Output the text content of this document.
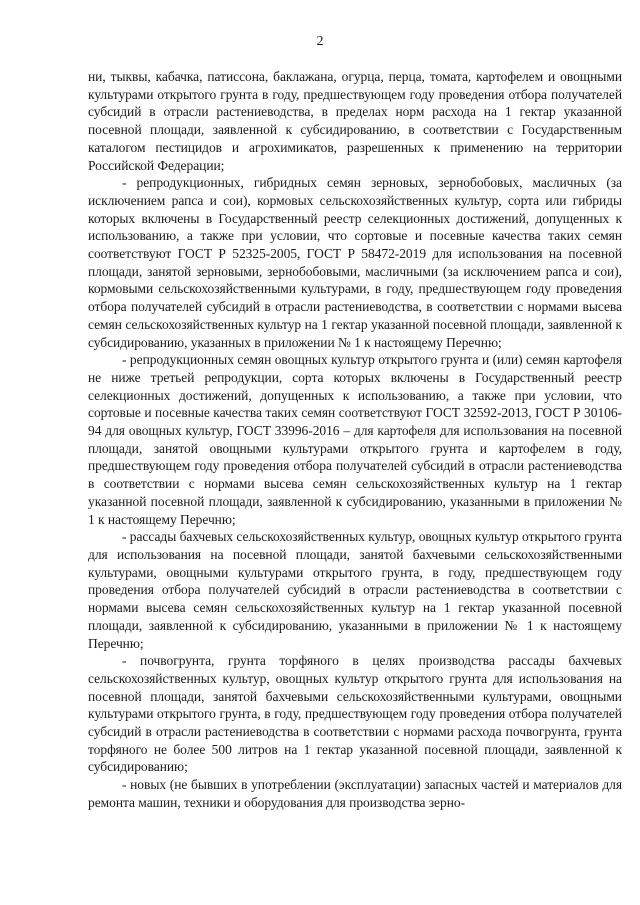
2

ни, тыквы, кабачка, патиссона, баклажана, огурца, перца, томата, картофелем и овощными культурами открытого грунта в году, предшествующем году проведения отбора получателей субсидий в отрасли растениеводства, в пределах норм расхода на 1 гектар указанной посевной площади, заявленной к субсидированию, в соответствии с Государственным каталогом пестицидов и агрохимикатов, разрешенных к применению на территории Российской Федерации;

- репродукционных, гибридных семян зерновых, зернобобовых, масличных (за исключением рапса и сои), кормовых сельскохозяйственных культур, сорта или гибриды которых включены в Государственный реестр селекционных достижений, допущенных к использованию, а также при условии, что сортовые и посевные качества таких семян соответствуют ГОСТ Р 52325-2005, ГОСТ Р 58472-2019 для использования на посевной площади, занятой зерновыми, зернобобовыми, масличными (за исключением рапса и сои), кормовыми сельскохозяйственными культурами, в году, предшествующем году проведения отбора получателей субсидий в отрасли растениеводства, в соответствии с нормами высева семян сельскохозяйственных культур на 1 гектар указанной посевной площади, заявленной к субсидированию, указанных в приложении № 1 к настоящему Перечню;

- репродукционных семян овощных культур открытого грунта и (или) семян картофеля не ниже третьей репродукции, сорта которых включены в Государственный реестр селекционных достижений, допущенных к использованию, а также при условии, что сортовые и посевные качества таких семян соответствуют ГОСТ 32592-2013, ГОСТ Р 30106-94 для овощных культур, ГОСТ 33996-2016 – для картофеля для использования на посевной площади, занятой овощными культурами открытого грунта и картофелем в году, предшествующем году проведения отбора получателей субсидий в отрасли растениеводства в соответствии с нормами высева семян сельскохозяйственных культур на 1 гектар указанной посевной площади, заявленной к субсидированию, указанными в приложении № 1 к настоящему Перечню;

- рассады бахчевых сельскохозяйственных культур, овощных культур открытого грунта для использования на посевной площади, занятой бахчевыми сельскохозяйственными культурами, овощными культурами открытого грунта, в году, предшествующем году проведения отбора получателей субсидий в отрасли растениеводства в соответствии с нормами высева семян сельскохозяйственных культур на 1 гектар указанной посевной площади, заявленной к субсидированию, указанными в приложении № 1 к настоящему Перечню;

- почвогрунта, грунта торфяного в целях производства рассады бахчевых сельскохозяйственных культур, овощных культур открытого грунта для использования на посевной площади, занятой бахчевыми сельскохозяйственными культурами, овощными культурами открытого грунта, в году, предшествующем году проведения отбора получателей субсидий в отрасли растениеводства в соответствии с нормами расхода почвогрунта, грунта торфяного не более 500 литров на 1 гектар указанной посевной площади, заявленной к субсидированию;

- новых (не бывших в употреблении (эксплуатации) запасных частей и материалов для ремонта машин, техники и оборудования для производства зерно-
